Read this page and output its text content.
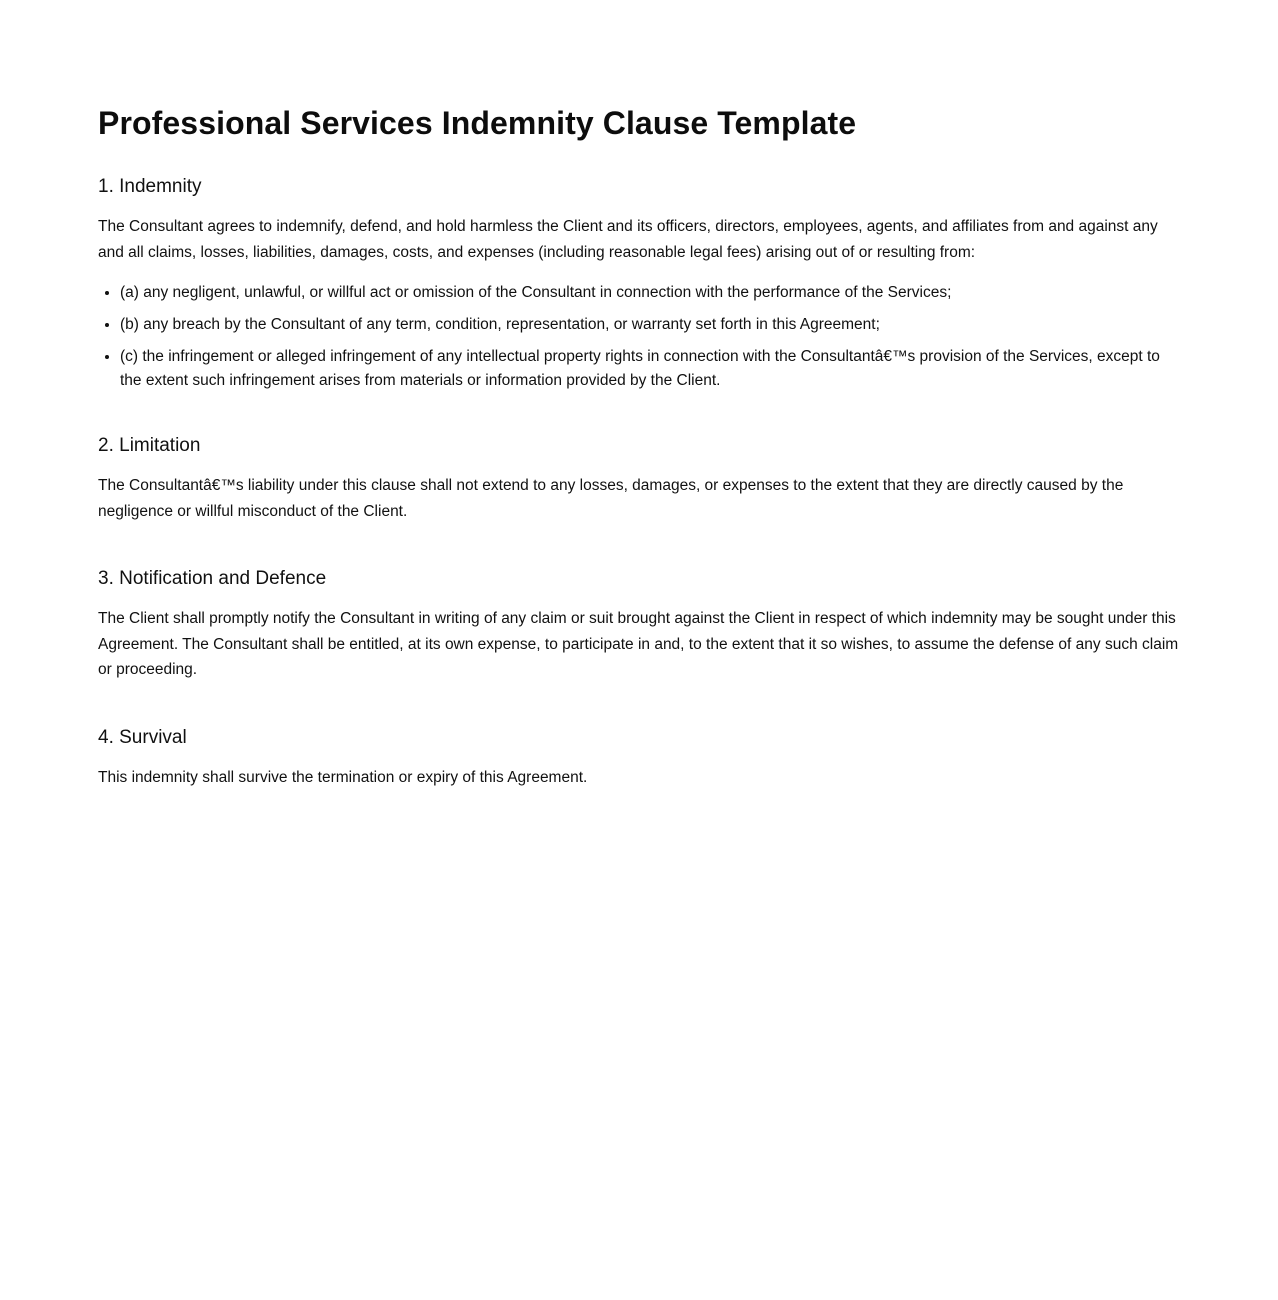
Professional Services Indemnity Clause Template
1. Indemnity

The Consultant agrees to indemnify, defend, and hold harmless the Client and its officers, directors, employees, agents, and affiliates from and against any and all claims, losses, liabilities, damages, costs, and expenses (including reasonable legal fees) arising out of or resulting from:

• (a) any negligent, unlawful, or willful act or omission of the Consultant in connection with the performance of the Services;
• (b) any breach by the Consultant of any term, condition, representation, or warranty set forth in this Agreement;
• (c) the infringement or alleged infringement of any intellectual property rights in connection with the Consultantâ€™s provision of the Services, except to the extent such infringement arises from materials or information provided by the Client.
2. Limitation

The Consultantâ€™s liability under this clause shall not extend to any losses, damages, or expenses to the extent that they are directly caused by the negligence or willful misconduct of the Client.

3. Notification and Defence

The Client shall promptly notify the Consultant in writing of any claim or suit brought against the Client in respect of which indemnity may be sought under this Agreement. The Consultant shall be entitled, at its own expense, to participate in and, to the extent that it so wishes, to assume the defense of any such claim or proceeding.

4. Survival

This indemnity shall survive the termination or expiry of this Agreement.
